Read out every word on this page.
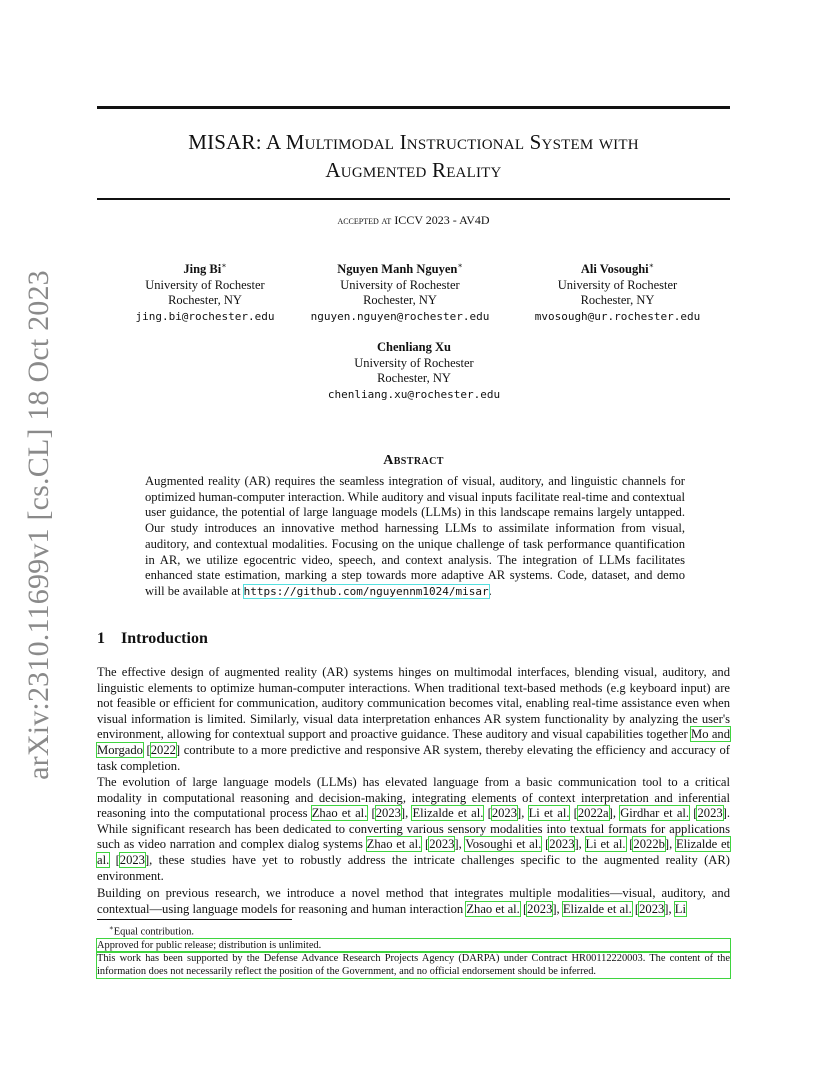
arXiv:2310.11699v1 [cs.CL] 18 Oct 2023
MISAR: A Multimodal Instructional System with
Augmented Reality
accepted at ICCV 2023 - AV4D
Jing Bi∗
University of Rochester
Rochester, NY
jing.bi@rochester.edu
Nguyen Manh Nguyen∗
University of Rochester
Rochester, NY
nguyen.nguyen@rochester.edu
Ali Vosoughi∗
University of Rochester
Rochester, NY
mvosough@ur.rochester.edu
Chenliang Xu
University of Rochester
Rochester, NY
chenliang.xu@rochester.edu
Abstract

Augmented reality (AR) requires the seamless integration of visual, auditory, and linguistic channels for optimized human-computer interaction. While auditory and visual inputs facilitate real-time and contextual user guidance, the potential of large language models (LLMs) in this landscape remains largely untapped. Our study introduces an innovative method harnessing LLMs to assimilate information from visual, auditory, and contextual modalities. Focusing on the unique challenge of task performance quantification in AR, we utilize egocentric video, speech, and context analysis. The integration of LLMs facilitates enhanced state estimation, marking a step towards more adaptive AR systems. Code, dataset, and demo will be available at https://github.com/nguyennm1024/misar.

1 Introduction

The effective design of augmented reality (AR) systems hinges on multimodal interfaces, blending visual, auditory, and linguistic elements to optimize human-computer interactions. When traditional text-based methods (e.g keyboard input) are not feasible or efficient for communication, auditory communication becomes vital, enabling real-time assistance even when visual information is limited. Similarly, visual data interpretation enhances AR system functionality by analyzing the user's environment, allowing for contextual support and proactive guidance. These auditory and visual capabilities together Mo and Morgado [2022] contribute to a more predictive and responsive AR system, thereby elevating the efficiency and accuracy of task completion.

The evolution of large language models (LLMs) has elevated language from a basic communication tool to a critical modality in computational reasoning and decision-making, integrating elements of context interpretation and inferential reasoning into the computational process Zhao et al. [2023], Elizalde et al. [2023], Li et al. [2022a], Girdhar et al. [2023]. While significant research has been dedicated to converting various sensory modalities into textual formats for applications such as video narration and complex dialog systems Zhao et al. [2023], Vosoughi et al. [2023], Li et al. [2022b], Elizalde et al. [2023], these studies have yet to robustly address the intricate challenges specific to the augmented reality (AR) environment.

Building on previous research, we introduce a novel method that integrates multiple modalities—visual, auditory, and contextual—using language models for reasoning and human interaction Zhao et al. [2023], Elizalde et al. [2023], Li

∗Equal contribution.
Approved for public release; distribution is unlimited.
This work has been supported by the Defense Advance Research Projects Agency (DARPA) under Contract HR00112220003. The content of the information does not necessarily reflect the position of the Government, and no official endorsement should be inferred.
